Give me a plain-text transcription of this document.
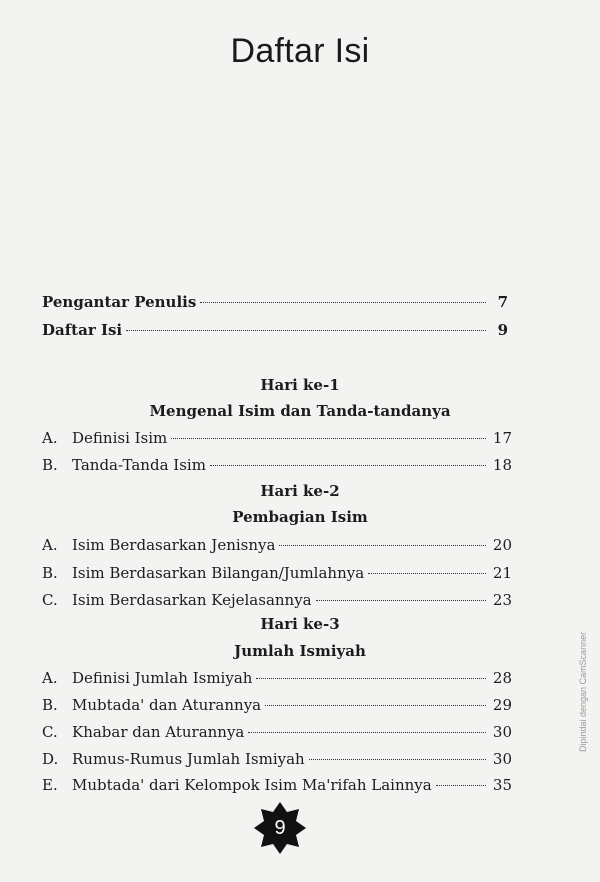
Daftar Isi
Pengantar Penulis	7
Daftar Isi	9
Hari ke-1
Mengenal Isim dan Tanda-tandanya
A. Definisi Isim	17
B. Tanda-Tanda Isim	18
Hari ke-2
Pembagian Isim
A. Isim Berdasarkan Jenisnya	20
B. Isim Berdasarkan Bilangan/Jumlahnya	21
C. Isim Berdasarkan Kejelasannya	23
Hari ke-3
Jumlah Ismiyah
A. Definisi Jumlah Ismiyah	28
B. Mubtada' dan Aturannya	29
C. Khabar dan Aturannya	30
D. Rumus-Rumus Jumlah Ismiyah	30
E. Mubtada' dari Kelompok Isim Ma'rifah Lainnya	35
9
Dipindai dengan CamScanner
